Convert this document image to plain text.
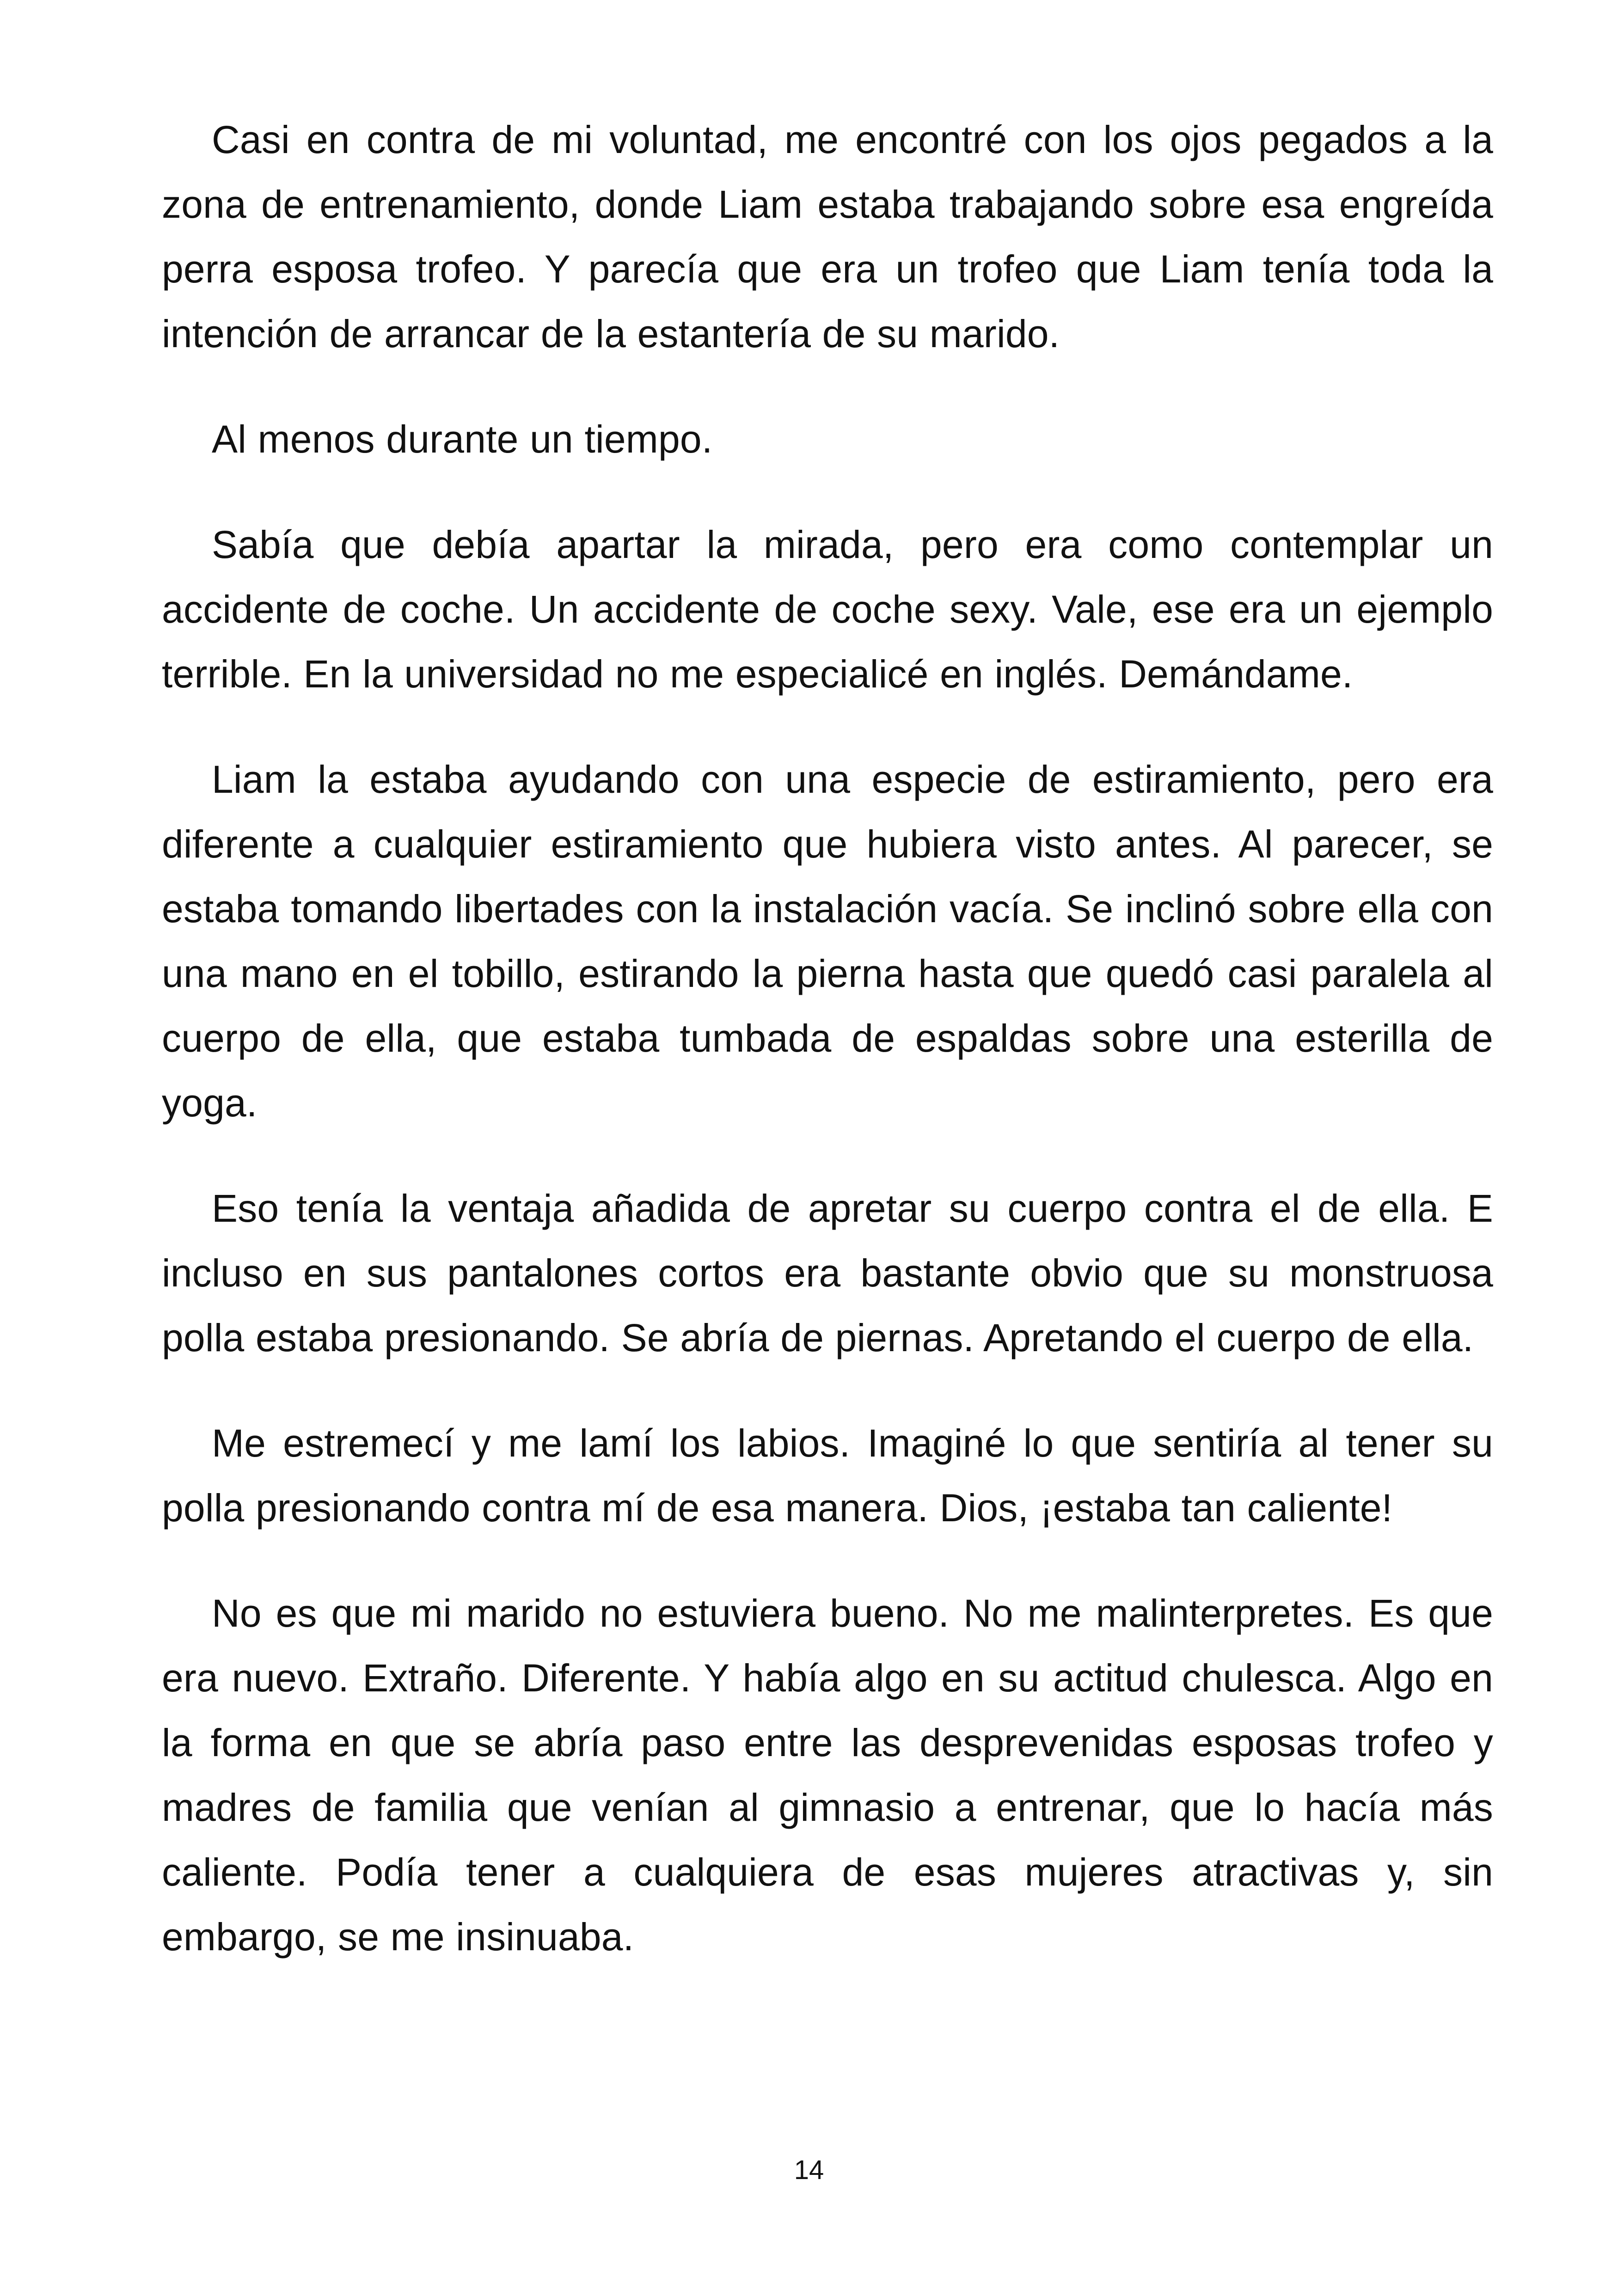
Casi en contra de mi voluntad, me encontré con los ojos pegados a la zona de entrenamiento, donde Liam estaba trabajando sobre esa engreída perra esposa trofeo. Y parecía que era un trofeo que Liam tenía toda la intención de arrancar de la estantería de su marido.

Al menos durante un tiempo.

Sabía que debía apartar la mirada, pero era como contemplar un accidente de coche. Un accidente de coche sexy. Vale, ese era un ejemplo terrible. En la universidad no me especialicé en inglés. Demándame.

Liam la estaba ayudando con una especie de estiramiento, pero era diferente a cualquier estiramiento que hubiera visto antes. Al parecer, se estaba tomando libertades con la instalación vacía. Se inclinó sobre ella con una mano en el tobillo, estirando la pierna hasta que quedó casi paralela al cuerpo de ella, que estaba tumbada de espaldas sobre una esterilla de yoga.

Eso tenía la ventaja añadida de apretar su cuerpo contra el de ella. E incluso en sus pantalones cortos era bastante obvio que su monstruosa polla estaba presionando. Se abría de piernas. Apretando el cuerpo de ella.

Me estremecí y me lamí los labios. Imaginé lo que sentiría al tener su polla presionando contra mí de esa manera. Dios, ¡estaba tan caliente!

No es que mi marido no estuviera bueno. No me malinterpretes. Es que era nuevo. Extraño. Diferente. Y había algo en su actitud chulesca. Algo en la forma en que se abría paso entre las desprevenidas esposas trofeo y madres de familia que venían al gimnasio a entrenar, que lo hacía más caliente. Podía tener a cualquiera de esas mujeres atractivas y, sin embargo, se me insinuaba.

14
